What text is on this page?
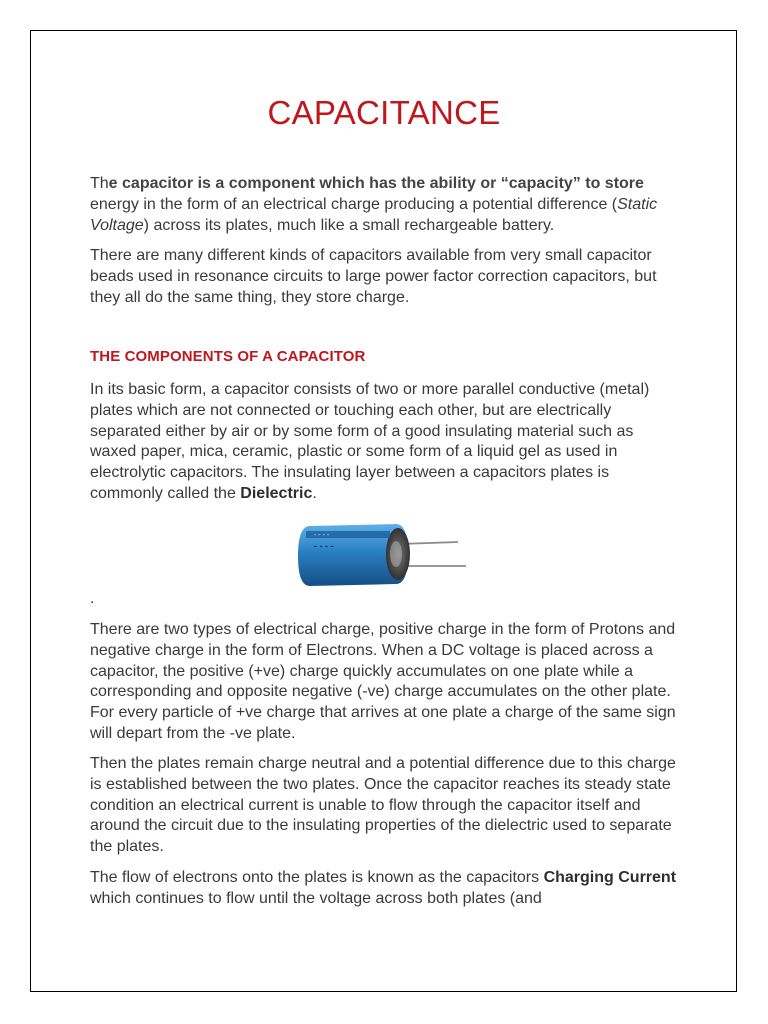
CAPACITANCE

The capacitor is a component which has the ability or “capacity” to store energy in the form of an electrical charge producing a potential difference (Static Voltage) across its plates, much like a small rechargeable battery.

There are many different kinds of capacitors available from very small capacitor beads used in resonance circuits to large power factor correction capacitors, but they all do the same thing, they store charge.

THE COMPONENTS OF A CAPACITOR

In its basic form, a capacitor consists of two or more parallel conductive (metal) plates which are not connected or touching each other, but are electrically separated either by air or by some form of a good insulating material such as waxed paper, mica, ceramic, plastic or some form of a liquid gel as used in electrolytic capacitors. The insulating layer between a capacitors plates is commonly called the Dielectric.

- - - -
- - - -
.

There are two types of electrical charge, positive charge in the form of Protons and negative charge in the form of Electrons. When a DC voltage is placed across a capacitor, the positive (+ve) charge quickly accumulates on one plate while a corresponding and opposite negative (-ve) charge accumulates on the other plate. For every particle of +ve charge that arrives at one plate a charge of the same sign will depart from the -ve plate.

Then the plates remain charge neutral and a potential difference due to this charge is established between the two plates. Once the capacitor reaches its steady state condition an electrical current is unable to flow through the capacitor itself and around the circuit due to the insulating properties of the dielectric used to separate the plates.

The flow of electrons onto the plates is known as the capacitors Charging Current which continues to flow until the voltage across both plates (and
